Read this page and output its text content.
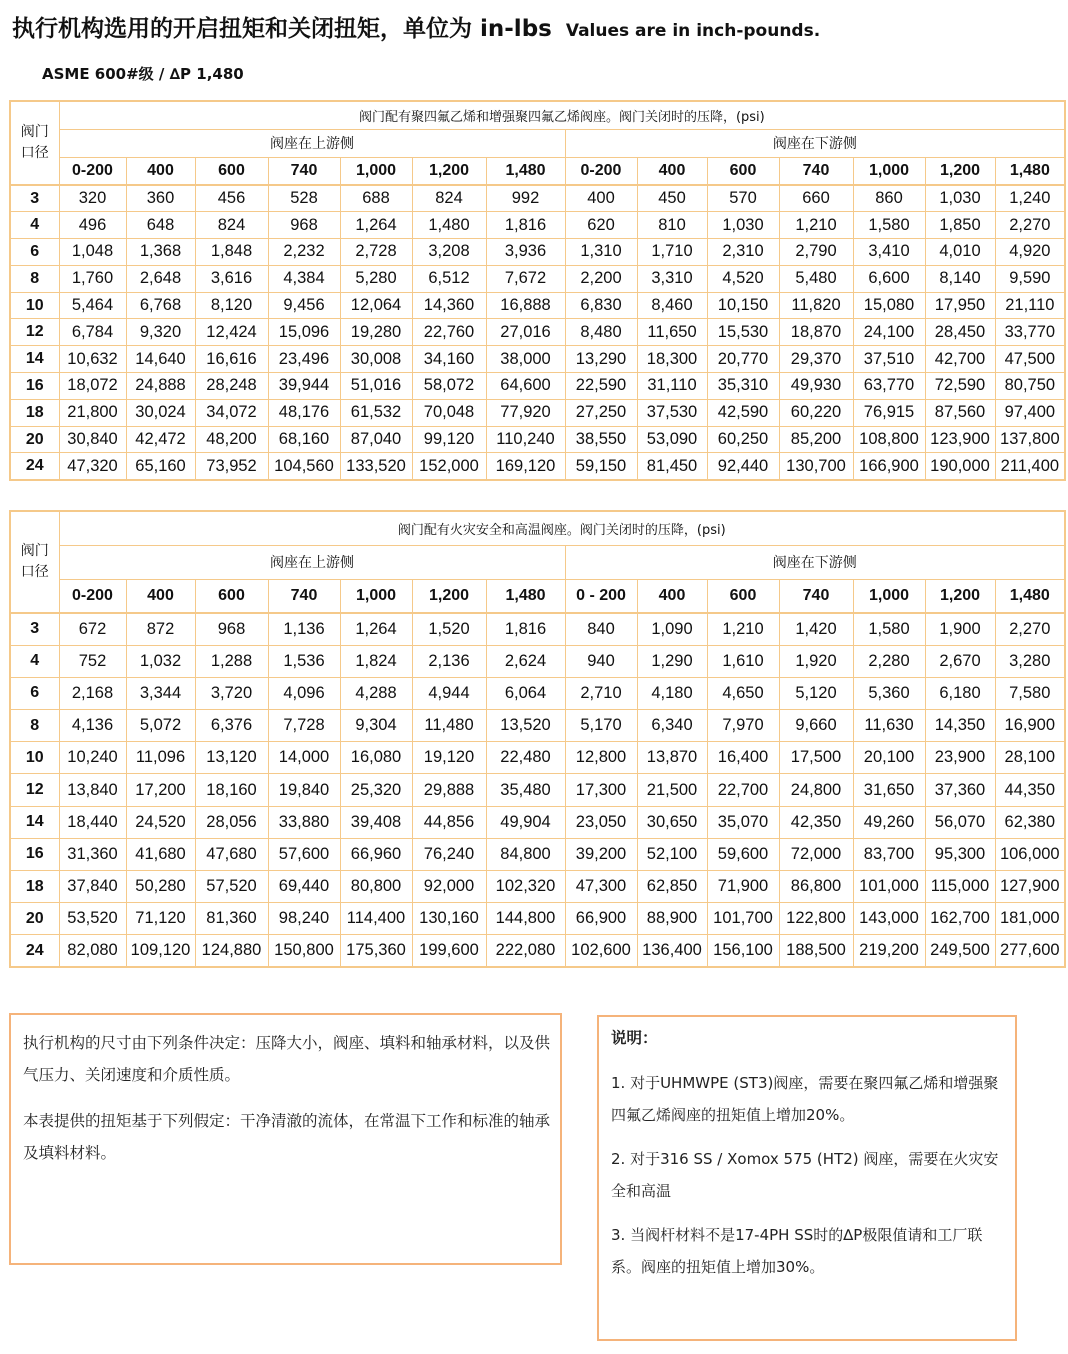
执行机构选用的开启扭矩和关闭扭矩，单位为 in-lbs Values are in inch-pounds.
ASME 600#级 / ∆P 1,480
阀门口径	阀门配有聚四氟乙烯和增强聚四氟乙烯阀座。阀门关闭时的压降，(psi)													
	阀座在上游侧							阀座在下游侧						
	0-200	400	600	740	1,000	1,200	1,480	0-200	400	600	740	1,000	1,200	1,480
3	320	360	456	528	688	824	992	400	450	570	660	860	1,030	1,240
4	496	648	824	968	1,264	1,480	1,816	620	810	1,030	1,210	1,580	1,850	2,270
6	1,048	1,368	1,848	2,232	2,728	3,208	3,936	1,310	1,710	2,310	2,790	3,410	4,010	4,920
8	1,760	2,648	3,616	4,384	5,280	6,512	7,672	2,200	3,310	4,520	5,480	6,600	8,140	9,590
10	5,464	6,768	8,120	9,456	12,064	14,360	16,888	6,830	8,460	10,150	11,820	15,080	17,950	21,110
12	6,784	9,320	12,424	15,096	19,280	22,760	27,016	8,480	11,650	15,530	18,870	24,100	28,450	33,770
14	10,632	14,640	16,616	23,496	30,008	34,160	38,000	13,290	18,300	20,770	29,370	37,510	42,700	47,500
16	18,072	24,888	28,248	39,944	51,016	58,072	64,600	22,590	31,110	35,310	49,930	63,770	72,590	80,750
18	21,800	30,024	34,072	48,176	61,532	70,048	77,920	27,250	37,530	42,590	60,220	76,915	87,560	97,400
20	30,840	42,472	48,200	68,160	87,040	99,120	110,240	38,550	53,090	60,250	85,200	108,800	123,900	137,800
24	47,320	65,160	73,952	104,560	133,520	152,000	169,120	59,150	81,450	92,440	130,700	166,900	190,000	211,400
阀门口径	阀门配有火灾安全和高温阀座。阀门关闭时的压降，(psi)													
	阀座在上游侧							阀座在下游侧						
	0-200	400	600	740	1,000	1,200	1,480	0 - 200	400	600	740	1,000	1,200	1,480
3	672	872	968	1,136	1,264	1,520	1,816	840	1,090	1,210	1,420	1,580	1,900	2,270
4	752	1,032	1,288	1,536	1,824	2,136	2,624	940	1,290	1,610	1,920	2,280	2,670	3,280
6	2,168	3,344	3,720	4,096	4,288	4,944	6,064	2,710	4,180	4,650	5,120	5,360	6,180	7,580
8	4,136	5,072	6,376	7,728	9,304	11,480	13,520	5,170	6,340	7,970	9,660	11,630	14,350	16,900
10	10,240	11,096	13,120	14,000	16,080	19,120	22,480	12,800	13,870	16,400	17,500	20,100	23,900	28,100
12	13,840	17,200	18,160	19,840	25,320	29,888	35,480	17,300	21,500	22,700	24,800	31,650	37,360	44,350
14	18,440	24,520	28,056	33,880	39,408	44,856	49,904	23,050	30,650	35,070	42,350	49,260	56,070	62,380
16	31,360	41,680	47,680	57,600	66,960	76,240	84,800	39,200	52,100	59,600	72,000	83,700	95,300	106,000
18	37,840	50,280	57,520	69,440	80,800	92,000	102,320	47,300	62,850	71,900	86,800	101,000	115,000	127,900
20	53,520	71,120	81,360	98,240	114,400	130,160	144,800	66,900	88,900	101,700	122,800	143,000	162,700	181,000
24	82,080	109,120	124,880	150,800	175,360	199,600	222,080	102,600	136,400	156,100	188,500	219,200	249,500	277,600

执行机构的尺寸由下列条件决定：压降大小，阀座、填料和轴承材料，以及供气压力、关闭速度和介质性质。

本表提供的扭矩基于下列假定：干净清澈的流体，在常温下工作和标准的轴承及填料材料。

说明：

1. 对于UHMWPE (ST3)阀座，需要在聚四氟乙烯和增强聚四氟乙烯阀座的扭矩值上增加20%。

2. 对于316 SS / Xomox 575 (HT2) 阀座，需要在火灾安全和高温

3. 当阀杆材料不是17-4PH SS时的∆P极限值请和工厂联系。阀座的扭矩值上增加30%。
